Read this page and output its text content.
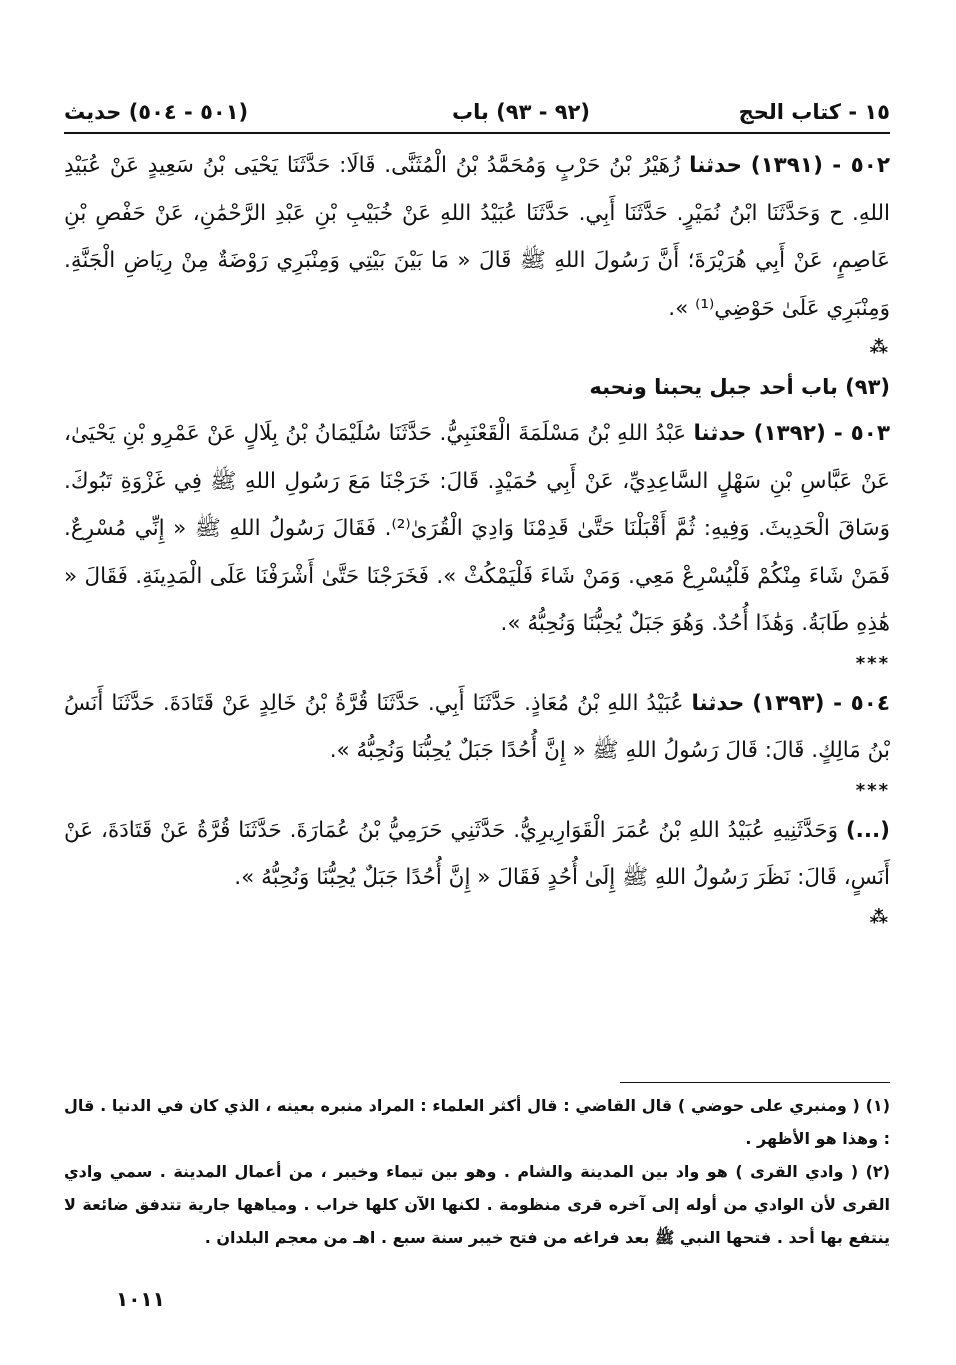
١٥ - كتاب الحج
(٩٢ - ٩٣) باب
(٥٠١ - ٥٠٤) حديث

٥٠٢ - (١٣٩١) حدثنا زُهَيْرُ بْنُ حَرْبٍ وَمُحَمَّدُ بْنُ الْمُثَنَّى. قَالَا: حَدَّثَنَا يَحْيَى بْنُ سَعِيدٍ عَنْ عُبَيْدِ اللهِ. ح وَحَدَّثَنَا ابْنُ نُمَيْرٍ. حَدَّثَنَا أَبِي. حَدَّثَنَا عُبَيْدُ اللهِ عَنْ خُبَيْبِ بْنِ عَبْدِ الرَّحْمَٰنِ، عَنْ حَفْصِ بْنِ عَاصِمٍ، عَنْ أَبِي هُرَيْرَةَ؛ أَنَّ رَسُولَ اللهِ ﷺ قَالَ « مَا بَيْنَ بَيْتِي وَمِنْبَرِي رَوْضَةٌ مِنْ رِيَاضِ الْجَنَّةِ. وَمِنْبَرِي عَلَىٰ حَوْضِي⁽¹⁾ ».

⁂

(٩٣) باب أحد جبل يحبنا ونحبه

٥٠٣ - (١٣٩٢) حدثنا عَبْدُ اللهِ بْنُ مَسْلَمَةَ الْقَعْنَبِيُّ. حَدَّثَنَا سُلَيْمَانُ بْنُ بِلَالٍ عَنْ عَمْرِو بْنِ يَحْيَىٰ، عَنْ عَبَّاسِ بْنِ سَهْلٍ السَّاعِدِيِّ، عَنْ أَبِي حُمَيْدٍ. قَالَ: خَرَجْنَا مَعَ رَسُولِ اللهِ ﷺ فِي غَزْوَةِ تَبُوكَ. وَسَاقَ الْحَدِيثَ. وَفِيهِ: ثُمَّ أَقْبَلْنَا حَتَّىٰ قَدِمْنَا وَادِيَ الْقُرَىٰ⁽²⁾. فَقَالَ رَسُولُ اللهِ ﷺ « إِنِّي مُسْرِعٌ. فَمَنْ شَاءَ مِنْكُمْ فَلْيُسْرِعْ مَعِي. وَمَنْ شَاءَ فَلْيَمْكُثْ ». فَخَرَجْنَا حَتَّىٰ أَشْرَفْنَا عَلَى الْمَدِينَةِ. فَقَالَ « هَٰذِهِ طَابَةُ. وَهَٰذَا أُحُدٌ. وَهُوَ جَبَلٌ يُحِبُّنَا وَنُحِبُّهُ ».

***

٥٠٤ - (١٣٩٣) حدثنا عُبَيْدُ اللهِ بْنُ مُعَاذٍ. حَدَّثَنَا أَبِي. حَدَّثَنَا قُرَّةُ بْنُ خَالِدٍ عَنْ قَتَادَةَ. حَدَّثَنَا أَنَسُ بْنُ مَالِكٍ. قَالَ: قَالَ رَسُولُ اللهِ ﷺ « إِنَّ أُحُدًا جَبَلٌ يُحِبُّنَا وَنُحِبُّهُ ».

***

(...) وَحَدَّثَنِيهِ عُبَيْدُ اللهِ بْنُ عُمَرَ الْقَوَارِيرِيُّ. حَدَّثَنِي حَرَمِيُّ بْنُ عُمَارَةَ. حَدَّثَنَا قُرَّةُ عَنْ قَتَادَةَ، عَنْ أَنَسٍ، قَالَ: نَظَرَ رَسُولُ اللهِ ﷺ إِلَىٰ أُحُدٍ فَقَالَ « إِنَّ أُحُدًا جَبَلٌ يُحِبُّنَا وَنُحِبُّهُ ».

⁂

(١) ( ومنبري على حوضي ) قال القاضي : قال أكثر العلماء : المراد منبره بعينه ، الذي كان في الدنيا . قال : وهذا هو الأظهر .

(٢) ( وادي القرى ) هو واد بين المدينة والشام . وهو بين تيماء وخيبر ، من أعمال المدينة . سمي وادي القرى لأن الوادي من أوله إلى آخره قرى منظومة . لكنها الآن كلها خراب . ومياهها جارية تتدفق ضائعة لا ينتفع بها أحد . فتحها النبي ﷺ بعد فراغه من فتح خيبر سنة سبع . اهـ من معجم البلدان .

١٠١١
